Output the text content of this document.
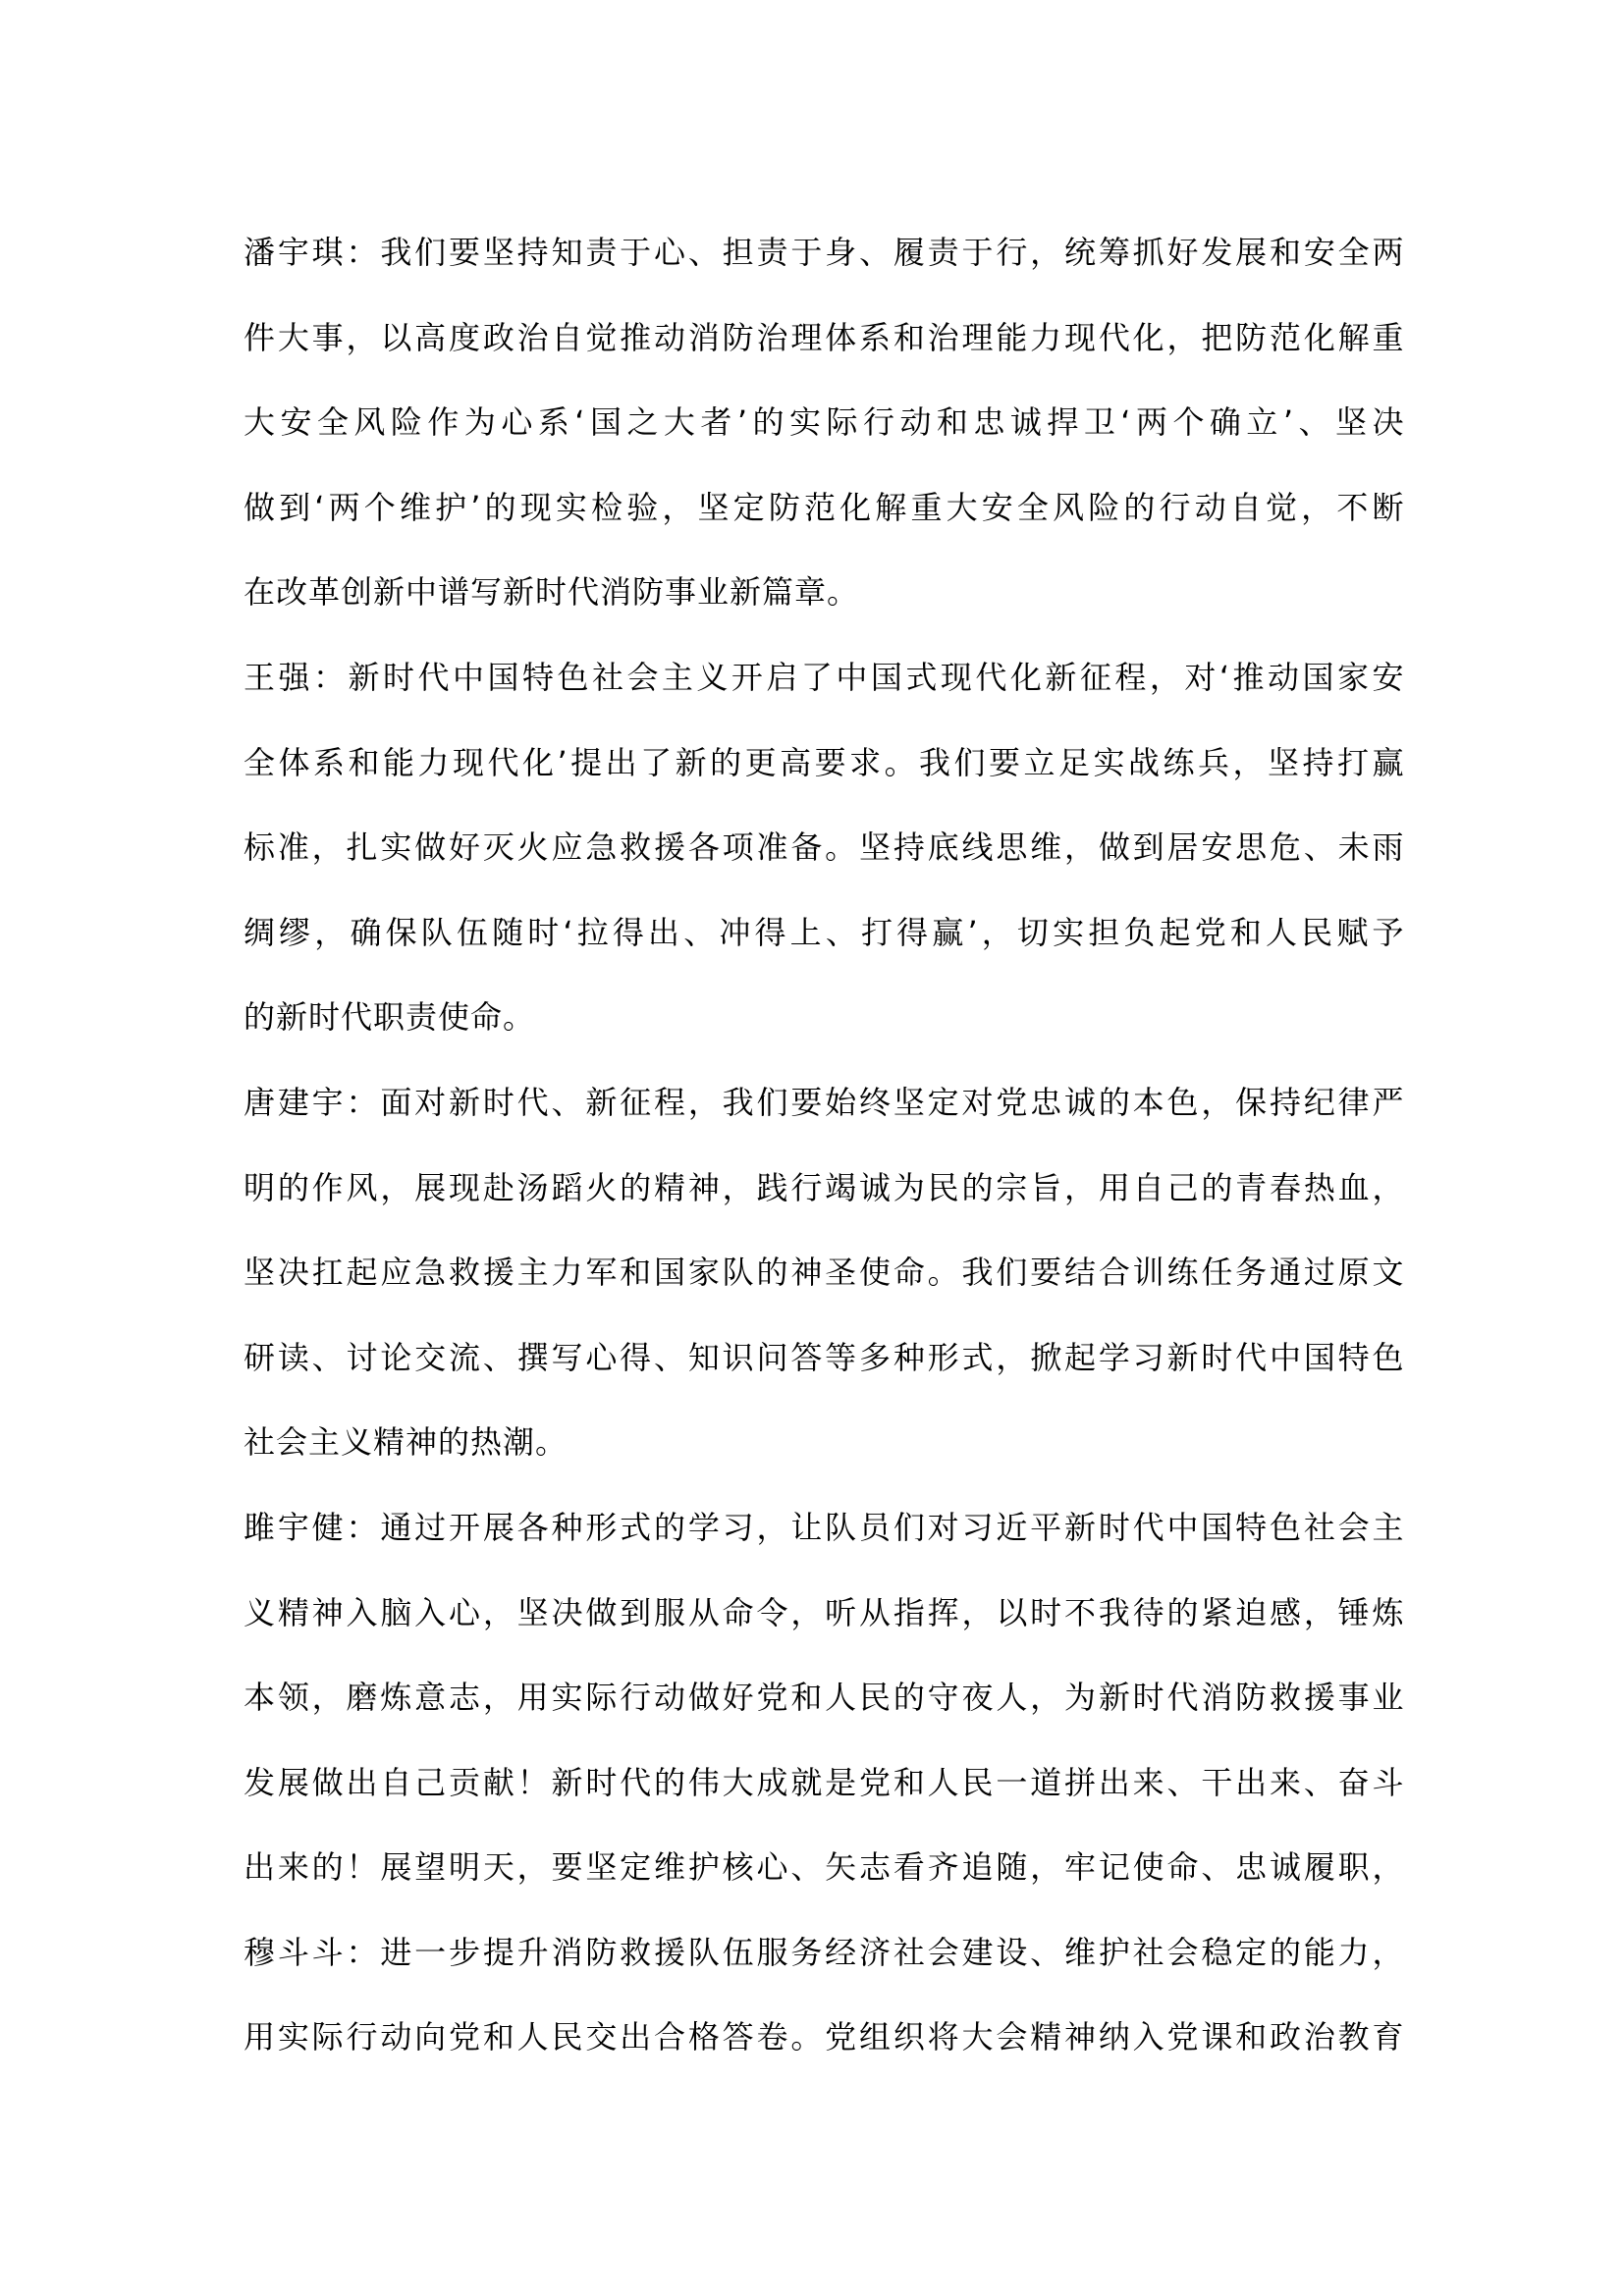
潘宇琪：我们要坚持知责于心、担责于身、履责于行，统筹抓好发展和安全两
件大事，以高度政治自觉推动消防治理体系和治理能力现代化，把防范化解重
大安全风险作为心系‘国之大者’的实际行动和忠诚捍卫‘两个确立’、坚决
做到‘两个维护’的现实检验，坚定防范化解重大安全风险的行动自觉，不断
在改革创新中谱写新时代消防事业新篇章。
王强：新时代中国特色社会主义开启了中国式现代化新征程，对‘推动国家安
全体系和能力现代化’提出了新的更高要求。我们要立足实战练兵，坚持打赢
标准，扎实做好灭火应急救援各项准备。坚持底线思维，做到居安思危、未雨
绸缪，确保队伍随时‘拉得出、冲得上、打得赢’，切实担负起党和人民赋予
的新时代职责使命。
唐建宇：面对新时代、新征程，我们要始终坚定对党忠诚的本色，保持纪律严
明的作风，展现赴汤蹈火的精神，践行竭诚为民的宗旨，用自己的青春热血，
坚决扛起应急救援主力军和国家队的神圣使命。我们要结合训练任务通过原文
研读、讨论交流、撰写心得、知识问答等多种形式，掀起学习新时代中国特色
社会主义精神的热潮。
雎宇健：通过开展各种形式的学习，让队员们对习近平新时代中国特色社会主
义精神入脑入心，坚决做到服从命令，听从指挥，以时不我待的紧迫感，锤炼
本领，磨炼意志，用实际行动做好党和人民的守夜人，为新时代消防救援事业
发展做出自己贡献！新时代的伟大成就是党和人民一道拼出来、干出来、奋斗
出来的！展望明天，要坚定维护核心、矢志看齐追随，牢记使命、忠诚履职，
穆斗斗：进一步提升消防救援队伍服务经济社会建设、维护社会稳定的能力，
用实际行动向党和人民交出合格答卷。党组织将大会精神纳入党课和政治教育
